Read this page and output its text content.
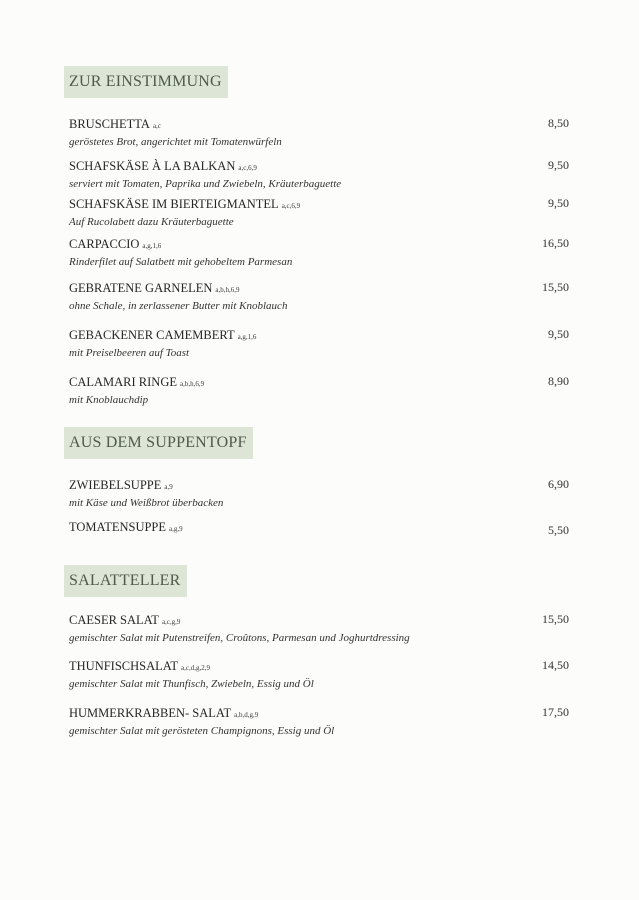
ZUR EINSTIMMUNG
BRUSCHETTA a,c
geröstetes Brot, angerichtet mit Tomatenwürfeln
8,50
SCHAFSKÄSE À LA BALKAN a,c,6,9
serviert mit Tomaten, Paprika und Zwiebeln, Kräuterbaguette
9,50
SCHAFSKÄSE IM BIERTEIGMANTEL a,c,6,9
Auf Rucolabett dazu Kräuterbaguette
9,50
CARPACCIO a,g,1,6
Rinderfilet auf Salatbett mit gehobeltem Parmesan
16,50
GEBRATENE GARNELEN a,b,h,6,9
ohne Schale, in zerlassener Butter mit Knoblauch
15,50
GEBACKENER CAMEMBERT a,g,1,6
mit Preiselbeeren auf Toast
9,50
CALAMARI RINGE a,b,h,6,9
mit Knoblauchdip
8,90
AUS DEM SUPPENTOPF
ZWIEBELSUPPE a,9
mit Käse und Weißbrot überbacken
6,90
TOMATENSUPPE a,g,9	5,50
SALATTELLER
CAESER SALAT a,c,g,9
gemischter Salat mit Putenstreifen, Croûtons, Parmesan und Joghurtdressing
15,50
THUNFISCHSALAT a,c,d,g,2,9
gemischter Salat mit Thunfisch, Zwiebeln, Essig und Öl
14,50
HUMMERKRABBEN- SALAT a,b,d,g,9
gemischter Salat mit gerösteten Champignons, Essig und Öl
17,50
